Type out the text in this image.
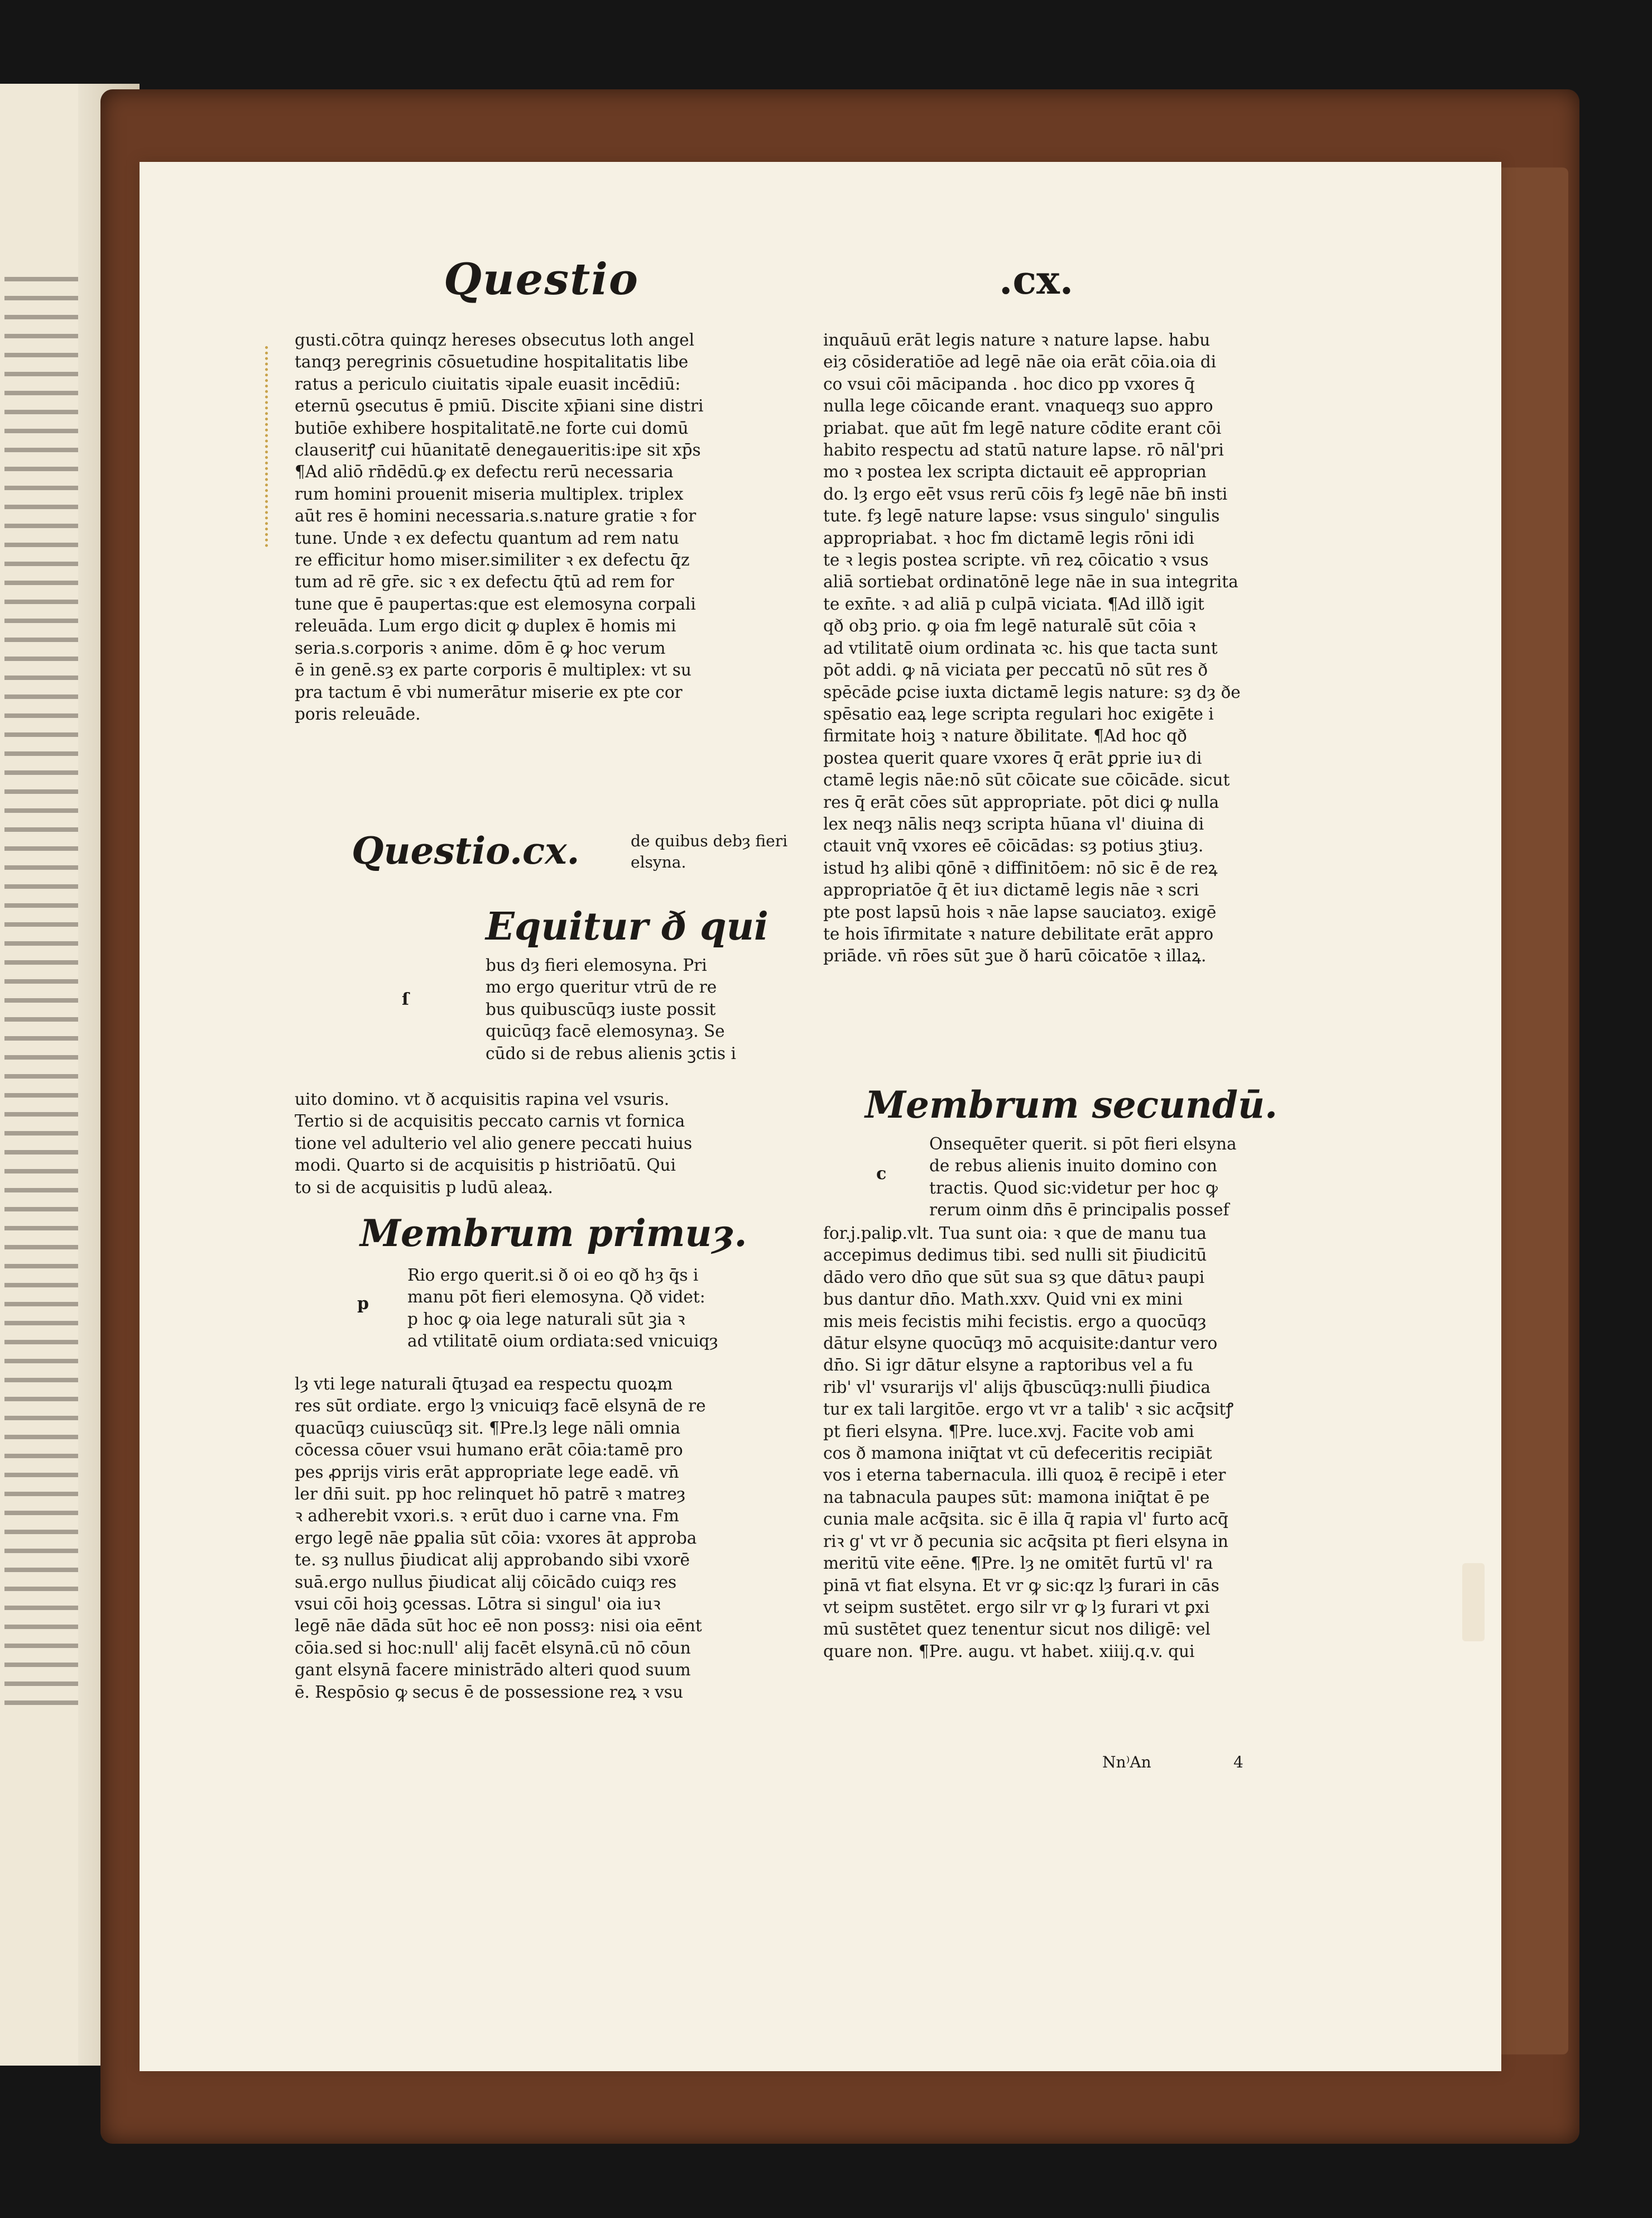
Questio	.cx.

gusti.cōtra quinqz hereses obsecutus loth angel

tanqȝ peregrinis cōsuetudine hospitalitatis libe

ratus a periculo ciuitatis ꝛipale euasit incēdiū:

eternū ꝯsecutus ē pmiū. Discite xp̄iani sine distri

butiōe exhibere hospitalitatē.ne forte cui domū

clauseritꝭ cui hūanitatē denegaueritis:ipe sit xp̄s

¶Ad aliō rn̄dēdū.ꝙ ex defectu rerū necessaria

rum homini prouenit miseria multiplex. triplex

aūt res ē homini necessaria.s.nature gratie ꝛ for

tune. Unde ꝛ ex defectu quantum ad rem natu

re efficitur homo miser.similiter ꝛ ex defectu q̄z

tum ad rē gr̄e. sic ꝛ ex defectu q̄tū ad rem for

tune que ē paupertas:que est elemosyna corpali

releuāda. Lum ergo dicit ꝙ duplex ē homis mi

seria.s.corporis ꝛ anime. dōm ē ꝙ hoc verum

ē in genē.sȝ ex parte corporis ē multiplex: vt su

pra tactum ē vbi numerātur miserie ex pte cor

poris releuāde.

Questio.cx.	de quibus debȝ fieri elsyna.
Equitur ð qui
ſ

bus dȝ fieri elemosyna. Pri

mo ergo queritur vtrū de re

bus quibuscūqȝ iuste possit

quicūqȝ facē elemosynaȝ. Se

cūdo si de rebus alienis ꝫctis i

uito domino. vt ð acquisitis rapina vel vsuris.

Tertio si de acquisitis peccato carnis vt fornica

tione vel adulterio vel alio genere peccati huius

modi. Quarto si de acquisitis p histriōatū. Qui

to si de acquisitis p ludū aleaꝝ.

Membrum primuȝ.
p

Rio ergo querit.si ð oi eo qð hȝ q̄s i

manu pōt fieri elemosyna. Qð videt:

p hoc ꝙ oia lege naturali sūt ꝫia ꝛ

ad vtilitatē oium ordiata:sed vnicuiqȝ

lȝ vti lege naturali q̄tuȝad ea respectu quoꝝm

res sūt ordiate. ergo lȝ vnicuiqȝ facē elsynā de re

quacūqȝ cuiuscūqȝ sit. ¶Pre.lȝ lege nāli omnia

cōcessa cōuer vsui humano erāt cōia:tamē pro

pes ꝓprijs viris erāt appropriate lege eadē. vn̄

ler dn̄i suit. pp hoc relinquet hō patrē ꝛ matreȝ

ꝛ adherebit vxori.s. ꝛ erūt duo i carne vna. Fm

ergo legē nāe ꝑpalia sūt cōia: vxores āt approba

te. sȝ nullus p̄iudicat alij approbando sibi vxorē

suā.ergo nullus p̄iudicat alij cōicādo cuiqȝ res

vsui cōi hoiꝫ ꝯcessas. Lōtra si singul' oia iuꝛ

legē nāe dāda sūt hoc eē non possȝ: nisi oia eēnt

cōia.sed si hoc:null' alij facēt elsynā.cū nō cōun

gant elsynā facere ministrādo alteri quod suum

ē. Respōsio ꝙ secus ē de possessione reꝝ ꝛ vsu

inquāuū erāt legis nature ꝛ nature lapse. habu

eiȝ cōsideratiōe ad legē nāe oia erāt cōia.oia di

co vsui cōi mācipanda . hoc dico pp vxores q̄

nulla lege cōicande erant. vnaqueqȝ suo appro

priabat. que aūt fm legē nature cōdite erant cōi

habito respectu ad statū nature lapse. rō nāl'pri

mo ꝛ postea lex scripta dictauit eē approprian

do. lȝ ergo eēt vsus rerū cōis fȝ legē nāe bn̄ insti

tute. fȝ legē nature lapse: vsus singulo' singulis

appropriabat. ꝛ hoc fm dictamē legis rōni idi

te ꝛ legis postea scripte. vn̄ reꝝ cōicatio ꝛ vsus

aliā sortiebat ordinatōnē lege nāe in sua integrita

te exn̄te. ꝛ ad aliā p culpā viciata. ¶Ad illð igit

qð obꝫ prio. ꝙ oia fm legē naturalē sūt cōia ꝛ

ad vtilitatē oium ordinata ꝛc. his que tacta sunt

pōt addi. ꝙ nā viciata ꝑer peccatū nō sūt res ð

spēcāde ꝑcise iuxta dictamē legis nature: sȝ dȝ ðe

spēsatio eaꝝ lege scripta regulari hoc exigēte i

firmitate hoiꝫ ꝛ nature ðbilitate. ¶Ad hoc qð

postea querit quare vxores q̄ erāt ꝑprie iuꝛ di

ctamē legis nāe:nō sūt cōicate sue cōicāde. sicut

res q̄ erāt cōes sūt appropriate. pōt dici ꝙ nulla

lex neqȝ nālis neqȝ scripta hūana vl' diuina di

ctauit vnq̄ vxores eē cōicādas: sȝ potius ꝫtiuȝ.

istud hȝ alibi qōnē ꝛ diffinitōem: nō sic ē de reꝝ

appropriatōe q̄ ēt iuꝛ dictamē legis nāe ꝛ scri

pte post lapsū hois ꝛ nāe lapse sauciatoȝ. exigē

te hois īfirmitate ꝛ nature debilitate erāt appro

priāde. vn̄ rōes sūt ꝫue ð harū cōicatōe ꝛ illaꝝ.

Membrum secundū.
c

Onsequēter querit. si pōt fieri elsyna

de rebus alienis inuito domino con

tractis. Quod sic:videtur per hoc ꝙ

rerum oinm dn̄s ē principalis possef

for.j.paliꝑ.vlt. Tua sunt oia: ꝛ que de manu tua

accepimus dedimus tibi. sed nulli sit p̄iudicitū

dādo vero dn̄o que sūt sua sȝ que dātuꝛ paupi

bus dantur dn̄o. Math.xxv. Quid vni ex mini

mis meis fecistis mihi fecistis. ergo a quocūqȝ

dātur elsyne quocūqȝ mō acquisite:dantur vero

dn̄o. Si igr dātur elsyne a raptoribus vel a fu

rib' vl' vsurarijs vl' alijs q̄buscūqȝ:nulli p̄iudica

tur ex tali largitōe. ergo vt vr a talib' ꝛ sic acq̄sitꝭ

pt fieri elsyna. ¶Pre. luce.xvj. Facite vob ami

cos ð mamona iniq̄tat vt cū defeceritis recipiāt

vos i eterna tabernacula. illi quoꝝ ē recipē i eter

na tabnacula paupes sūt: mamona iniq̄tat ē pe

cunia male acq̄sita. sic ē illa q̄ rapia vl' furto acq̄

riꝛ g' vt vr ð pecunia sic acq̄sita pt fieri elsyna in

meritū vite eēne. ¶Pre. lȝ ne omitēt furtū vl' ra

pinā vt fiat elsyna. Et vr ꝙ sic:qz lȝ furari in cās

vt seipm sustētet. ergo silr vr ꝙ lȝ furari vt ꝑxi

mū sustētet quez tenentur sicut nos diligē: vel

quare non. ¶Pre. augu. vt habet. xiiij.q.v. qui

Nn⁾An	4
